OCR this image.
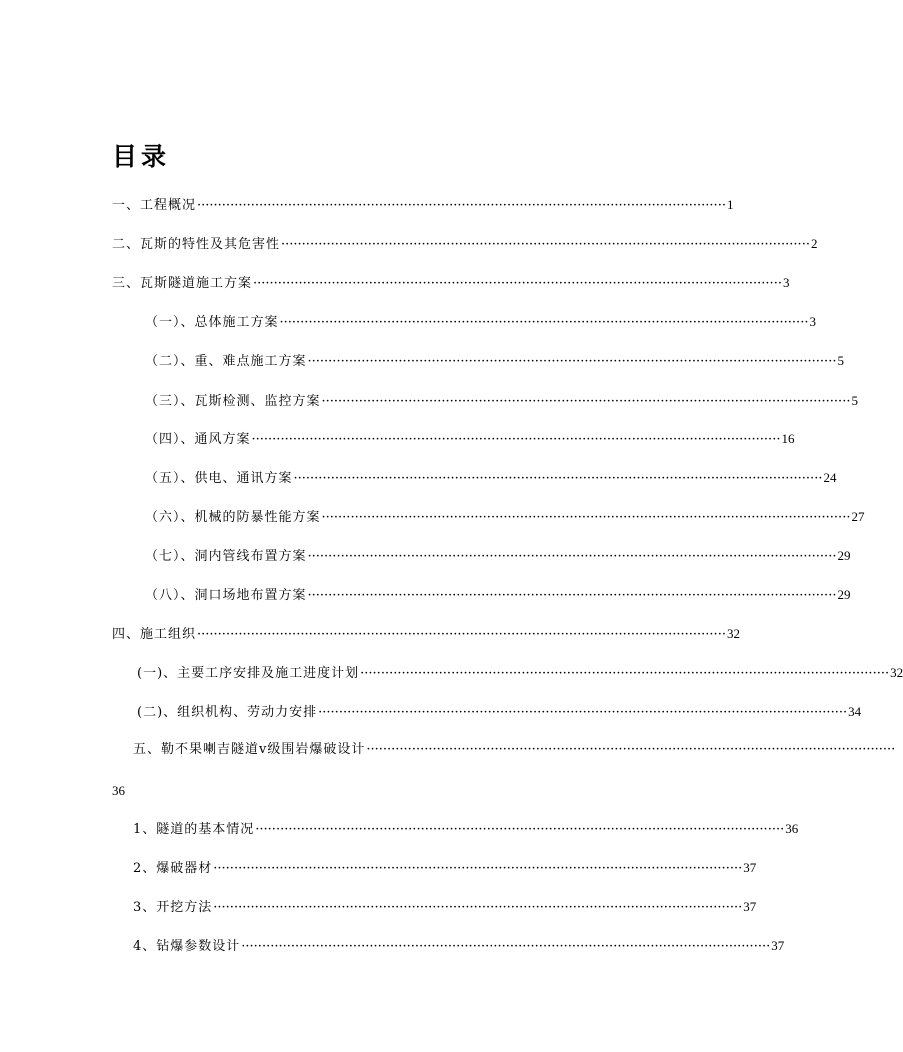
目录
一、工程概况 ································································································································ 1
二、瓦斯的特性及其危害性 ································································································································ 2
三、瓦斯隧道施工方案 ································································································································ 3
（一）、总体施工方案 ································································································································ 3
（二）、重、难点施工方案 ································································································································ 5
（三）、瓦斯检测、监控方案 ································································································································ 5
（四）、通风方案 ································································································································ 16
（五）、供电、通讯方案 ································································································································ 24
（六）、机械的防暴性能方案 ································································································································ 27
（七）、洞内管线布置方案 ································································································································ 29
（八）、洞口场地布置方案 ································································································································ 29
四、施工组织 ································································································································ 32
(一)、主要工序安排及施工进度计划 ································································································································ 32
(二)、组织机构、劳动力安排 ································································································································ 34
五、勒不果喇吉隧道v级围岩爆破设计 ································································································································
36
1、隧道的基本情况 ································································································································ 36
2、爆破器材 ································································································································ 37
3、开挖方法 ································································································································ 37
4、钻爆参数设计 ································································································································ 37
